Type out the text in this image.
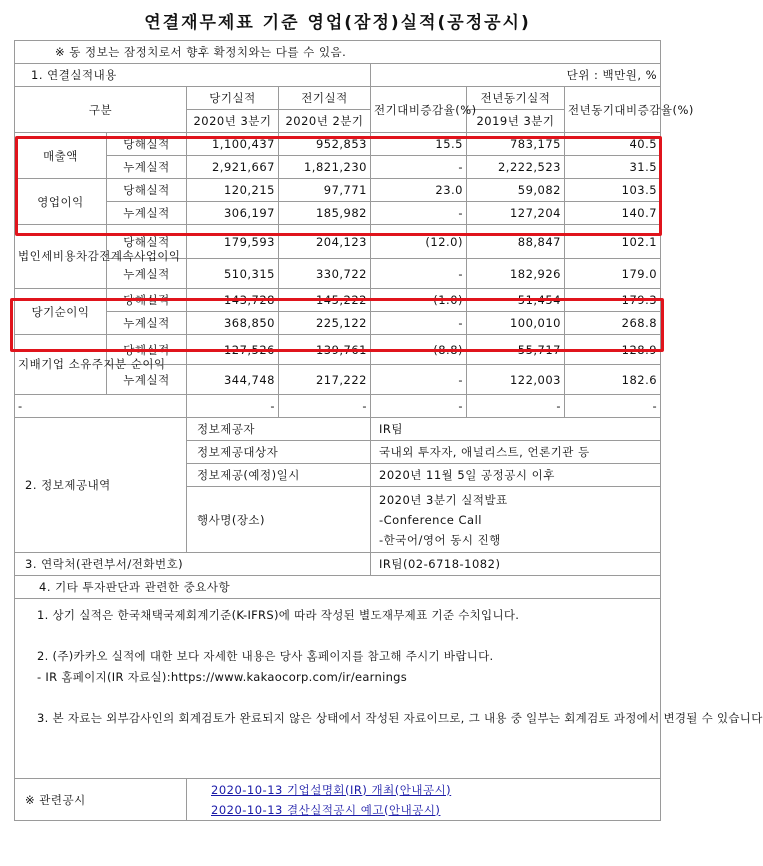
연결재무제표 기준 영업(잠정)실적(공정공시)
※ 동 정보는 잠정치로서 향후 확정치와는 다를 수 있음.						
1. 연결실적내용				단위 : 백만원, %		
구분		당기실적	전기실적	전기대비증감율(%)	전년동기실적	전년동기대비증감율(%)
		2020년 3분기	2020년 2분기		2019년 3분기	
매출액	당해실적	1,100,437	952,853	15.5	783,175	40.5
	누계실적	2,921,667	1,821,230	-	2,222,523	31.5
영업이익	당해실적	120,215	97,771	23.0	59,082	103.5
	누계실적	306,197	185,982	-	127,204	140.7
법인세비용차감전계속사업이익	당해실적	179,593	204,123	(12.0)	88,847	102.1
	누계실적	510,315	330,722	-	182,926	179.0
당기순이익	당해실적	143,728	145,222	(1.0)	51,454	179.3
	누계실적	368,850	225,122	-	100,010	268.8
지배기업 소유주지분 순이익	당해실적	127,526	139,761	(8.8)	55,717	128.9
	누계실적	344,748	217,222	-	122,003	182.6
-		-	-	-	-	-
2. 정보제공내역		정보제공자		IR팀		
		정보제공대상자		국내외 투자자, 애널리스트, 언론기관 등		
		정보제공(예정)일시		2020년 11월 5일 공정공시 이후		
		행사명(장소)		2020년 3분기 실적발표
-Conference Call
-한국어/영어 동시 진행		

3. 연락처(관련부서/전화번호)				IR팀(02-6718-1082)		
4. 기타 투자판단과 관련한 중요사항						

1. 상기 실적은 한국채택국제회계기준(K-IFRS)에 따라 작성된 별도재무제표 기준 수치입니다.
2. (주)카카오 실적에 대한 보다 자세한 내용은 당사 홈페이지를 참고해 주시기 바랍니다.
- IR 홈페이지(IR 자료실):https://www.kakaocorp.com/ir/earnings
3. 본 자료는 외부감사인의 회계검토가 완료되지 않은 상태에서 작성된 자료이므로, 그 내용 중 일부는 회계검토 과정에서 변경될 수 있습니다						

※ 관련공시		2020-10-13 기업설명회(IR) 개최(안내공시)
2020-10-13 결산실적공시 예고(안내공시)				
